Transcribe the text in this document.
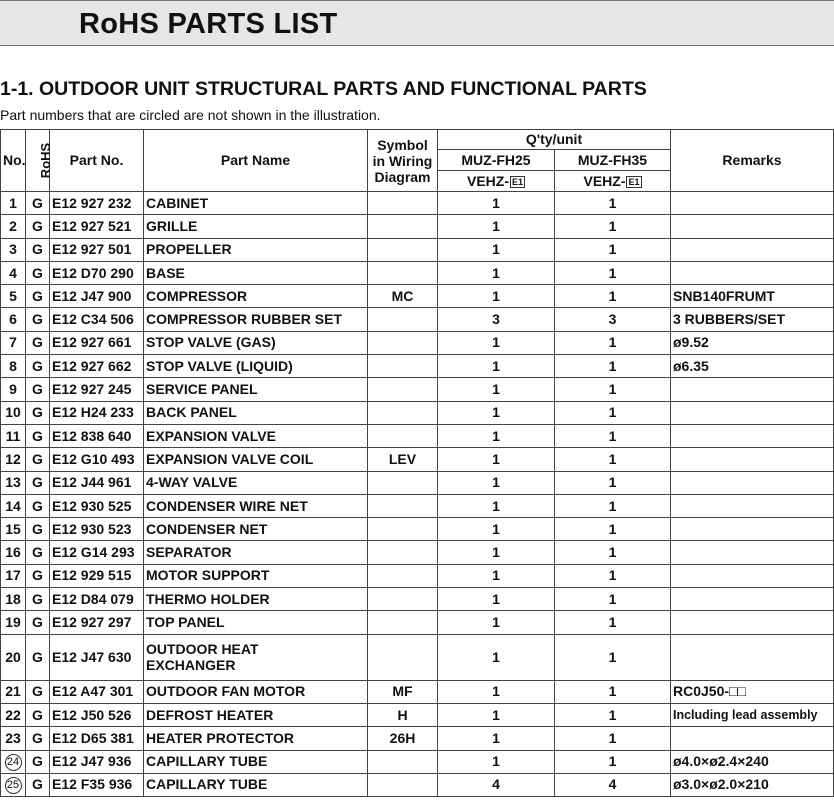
RoHS PARTS LIST
1-1. OUTDOOR UNIT STRUCTURAL PARTS AND FUNCTIONAL PARTS
Part numbers that are circled are not shown in the illustration.
No.	RoHS	Part No.	Part Name	Symbol in Wiring Diagram	Q'ty/unit		Remarks
					MUZ-FH25	MUZ-FH35	
					VEHZ- E1	VEHZ- E1	
1	G	E12 927 232	CABINET		1	1	
2	G	E12 927 521	GRILLE		1	1	
3	G	E12 927 501	PROPELLER		1	1	
4	G	E12 D70 290	BASE		1	1	
5	G	E12 J47 900	COMPRESSOR	MC	1	1	SNB140FRUMT
6	G	E12 C34 506	COMPRESSOR RUBBER SET		3	3	3 RUBBERS/SET
7	G	E12 927 661	STOP VALVE (GAS)		1	1	ø9.52
8	G	E12 927 662	STOP VALVE (LIQUID)		1	1	ø6.35
9	G	E12 927 245	SERVICE PANEL		1	1	
10	G	E12 H24 233	BACK PANEL		1	1	
11	G	E12 838 640	EXPANSION VALVE		1	1	
12	G	E12 G10 493	EXPANSION VALVE COIL	LEV	1	1	
13	G	E12 J44 961	4-WAY VALVE		1	1	
14	G	E12 930 525	CONDENSER WIRE NET		1	1	
15	G	E12 930 523	CONDENSER NET		1	1	
16	G	E12 G14 293	SEPARATOR		1	1	
17	G	E12 929 515	MOTOR SUPPORT		1	1	
18	G	E12 D84 079	THERMO HOLDER		1	1	
19	G	E12 927 297	TOP PANEL		1	1	
20	G	E12 J47 630	OUTDOOR HEAT EXCHANGER		1	1	
21	G	E12 A47 301	OUTDOOR FAN MOTOR	MF	1	1	RC0J50-□□
22	G	E12 J50 526	DEFROST HEATER	H	1	1	Including lead assembly
23	G	E12 D65 381	HEATER PROTECTOR	26H	1	1	
24	G	E12 J47 936	CAPILLARY TUBE		1	1	ø4.0×ø2.4×240
25	G	E12 F35 936	CAPILLARY TUBE		4	4	ø3.0×ø2.0×210
